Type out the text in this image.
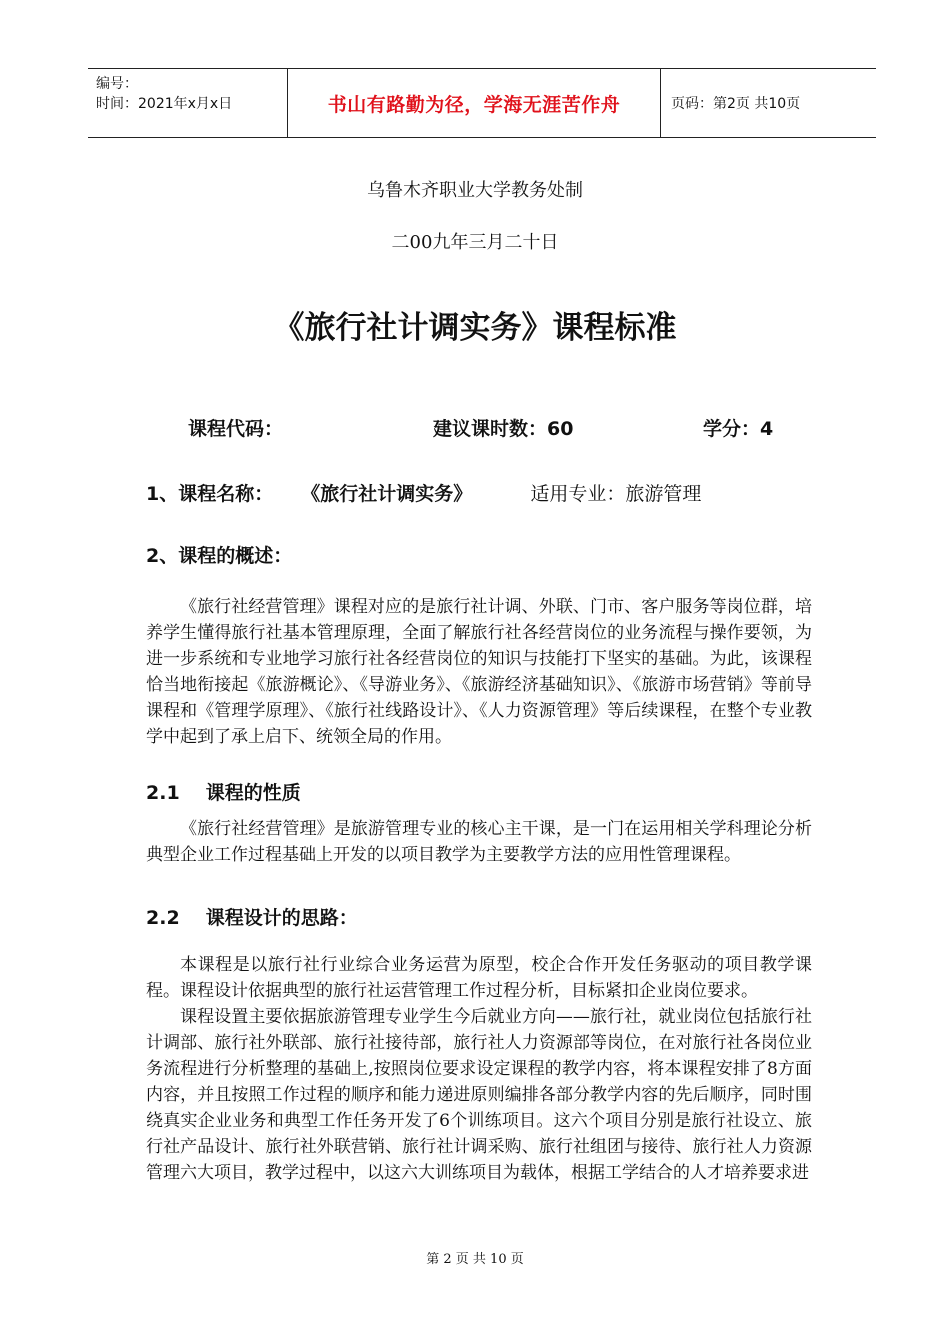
编号：
时间：2021年x月x日	书山有路勤为径，学海无涯苦作舟	页码：第2页 共10页
乌鲁木齐职业大学教务处制
二00九年三月二十日
《旅行社计调实务》课程标准
课程代码：	建议课时数：60	学分：4
1、课程名称： 《旅行社计调实务》	适用专业：旅游管理
2、课程的概述：

《旅行社经营管理》课程对应的是旅行社计调、外联、门市、客户服务等岗位群，培养学生懂得旅行社基本管理原理，全面了解旅行社各经营岗位的业务流程与操作要领，为进一步系统和专业地学习旅行社各经营岗位的知识与技能打下坚实的基础。为此，该课程恰当地衔接起《旅游概论》、《导游业务》、《旅游经济基础知识》、《旅游市场营销》等前导课程和《管理学原理》、《旅行社线路设计》、《人力资源管理》等后续课程，在整个专业教学中起到了承上启下、统领全局的作用。

2.1 课程的性质

《旅行社经营管理》是旅游管理专业的核心主干课，是一门在运用相关学科理论分析典型企业工作过程基础上开发的以项目教学为主要教学方法的应用性管理课程。

2.2 课程设计的思路：

本课程是以旅行社行业综合业务运营为原型，校企合作开发任务驱动的项目教学课程。课程设计依据典型的旅行社运营管理工作过程分析，目标紧扣企业岗位要求。

课程设置主要依据旅游管理专业学生今后就业方向——旅行社，就业岗位包括旅行社计调部、旅行社外联部、旅行社接待部，旅行社人力资源部等岗位，在对旅行社各岗位业务流程进行分析整理的基础上,按照岗位要求设定课程的教学内容，将本课程安排了8方面内容，并且按照工作过程的顺序和能力递进原则编排各部分教学内容的先后顺序，同时围绕真实企业业务和典型工作任务开发了6个训练项目。这六个项目分别是旅行社设立、旅行社产品设计、旅行社外联营销、旅行社计调采购、旅行社组团与接待、旅行社人力资源管理六大项目，教学过程中，以这六大训练项目为载体，根据工学结合的人才培养要求进

第 2 页 共 10 页
